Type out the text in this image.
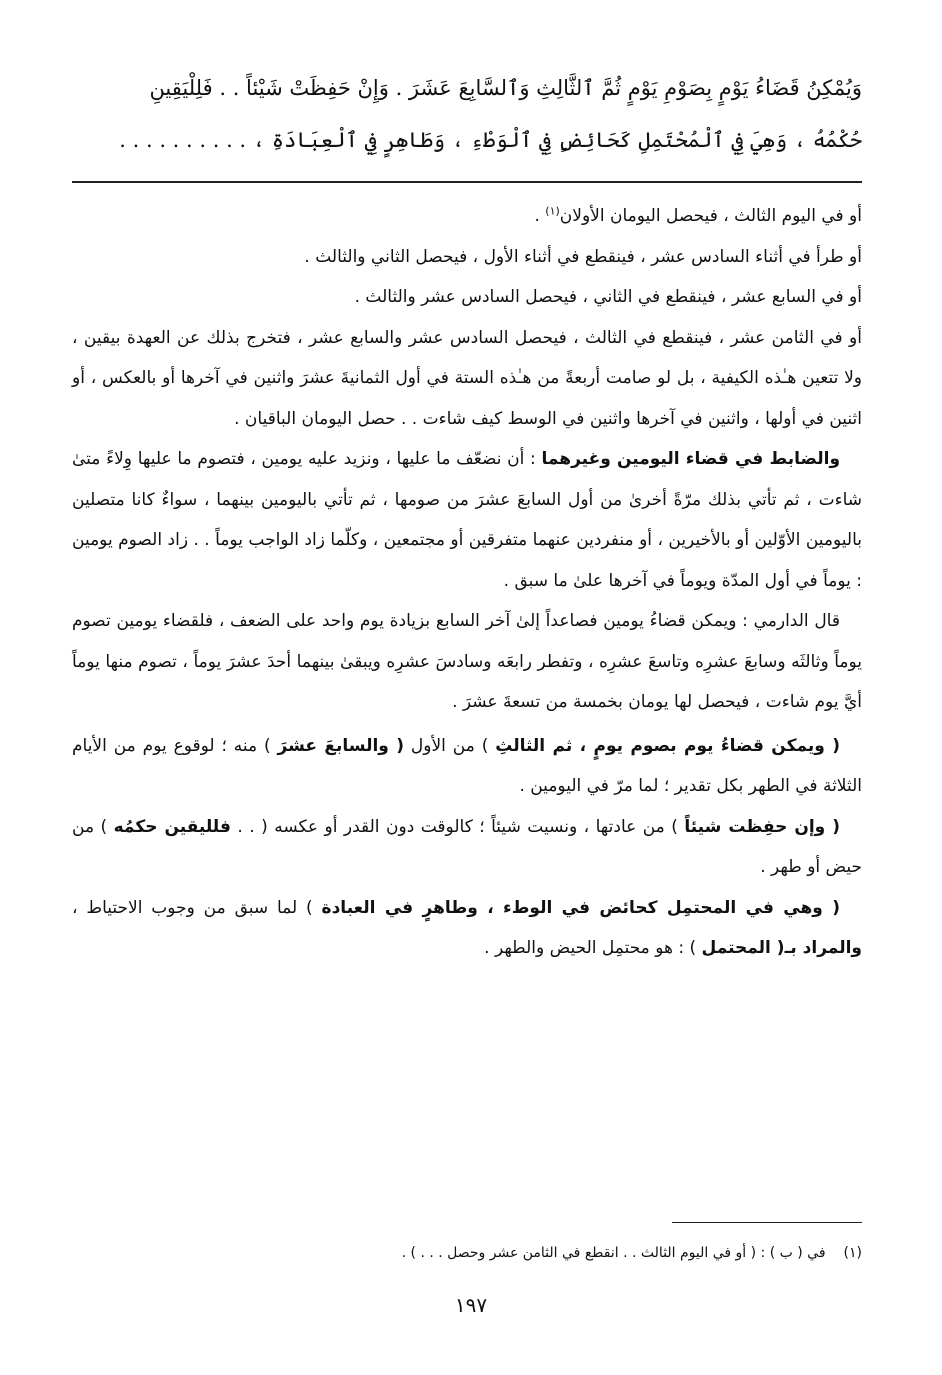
وَيُمْكِنُ قَضَاءُ يَوْمٍ بِصَوْمِ يَوْمٍ ثُمَّ ٱلثَّالِثِ وَٱلسَّابِعَ عَشَرَ . وَإِنْ حَفِظَتْ شَيْئاً . . فَلِلْيَقِينِ

حُكْمُهُ ، وَهِيَ فِي ٱلْمُحْتَمِلِ كَحَائِضٍ فِي ٱلْوَطْءِ ، وَطَاهِرٍ فِي ٱلْعِبَادَةِ ، . . . . . . . . . .

أو في اليوم الثالث ، فيحصل اليومان الأولان$^{(١)}$ .

أو طرأ في أثناء السادس عشر ، فينقطع في أثناء الأول ، فيحصل الثاني والثالث .

أو في السابع عشر ، فينقطع في الثاني ، فيحصل السادس عشر والثالث .

أو في الثامن عشر ، فينقطع في الثالث ، فيحصل السادس عشر والسابع عشر ، فتخرج بذلك عن العهدة بيقين ، ولا تتعين هـٰذه الكيفية ، بل لو صامت أربعةً من هـٰذه الستة في أول الثمانيةَ عشرَ واثنين في آخرها أو بالعكس ، أو اثنين في أولها ، واثنين في آخرها واثنين في الوسط كيف شاءت . . حصل اليومان الباقيان .

والضابط في قضاء اليومين وغيرهما : أن نضعّف ما عليها ، ونزيد عليه يومين ، فتصوم ما عليها وِلاءً متىٰ شاءت ، ثم تأتي بذلك مرّةً أخرىٰ من أول السابعَ عشرَ من صومها ، ثم تأتي باليومين بينهما ، سواءٌ كانا متصلين باليومين الأوّلين أو بالأخيرين ، أو منفردين عنهما متفرقين أو مجتمعين ، وكلّما زاد الواجب يوماً . . زاد الصوم يومين : يوماً في أول المدّة ويوماً في آخرها علىٰ ما سبق .

قال الدارمي : ويمكن قضاءُ يومين فصاعداً إلىٰ آخر السابع بزيادة يوم واحد على الضعف ، فلقضاء يومين تصوم يوماً وثالثَه وسابعَ عشرِه وتاسعَ عشرِه ، وتفطر رابعَه وسادسَ عشرِه ويبقىٰ بينهما أحدَ عشرَ يوماً ، تصوم منها يوماً أيَّ يوم شاءت ، فيحصل لها يومان بخمسة من تسعةَ عشرَ .

( ويمكن قضاءُ يوم بصوم يومٍ ، ثم الثالثِ ) من الأول ( والسابعَ عشرَ ) منه ؛ لوقوع يوم من الأيام الثلاثة في الطهر بكل تقدير ؛ لما مرّ في اليومين .

( وإن حفِظت شيئاً ) من عادتها ، ونسيت شيئاً ؛ كالوقت دون القدر أو عكسه ( . . فلليقين حكمُه ) من حيض أو طهر .

( وهي في المحتمِل كحائض في الوطء ، وطاهرٍ في العبادة ) لما سبق من وجوب الاحتياط ، والمراد بـ( المحتمل ) : هو محتمِل الحيض والطهر .

(١)في ( ب ) : ( أو في اليوم الثالث . . انقطع في الثامن عشر وحصل . . . ) .
١٩٧
